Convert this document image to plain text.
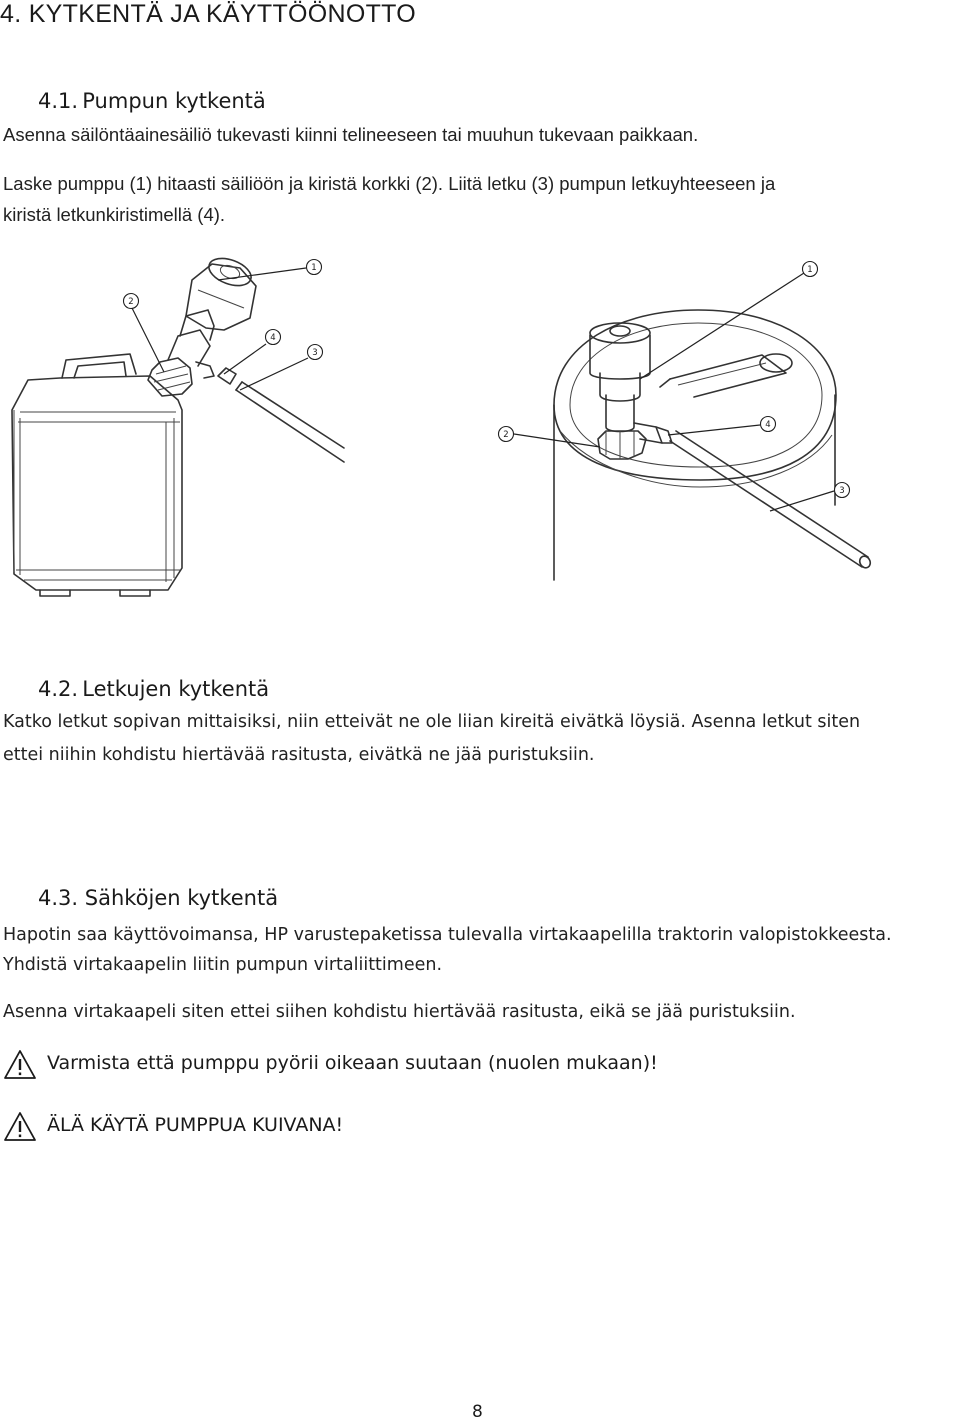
4. KYTKENTÄ JA KÄYTTÖÖNOTTO
4.1. Pumpun kytkentä
Asenna säilöntäainesäiliö tukevasti kiinni telineeseen tai muuhun tukevaan paikkaan.
Laske pumppu (1) hitaasti säiliöön ja kiristä korkki (2). Liitä letku (3) pumpun letkuyhteeseen ja
kiristä letkunkiristimellä (4).
1
2
3
4
1
2
3
4
4.2. Letkujen kytkentä
Katko letkut sopivan mittaisiksi, niin etteivät ne ole liian kireitä eivätkä löysiä. Asenna letkut siten
ettei niihin kohdistu hiertävää rasitusta, eivätkä ne jää puristuksiin.
4.3. Sähköjen kytkentä
Hapotin saa käyttövoimansa, HP varustepaketissa tulevalla virtakaapelilla traktorin valopistokkeesta.
Yhdistä virtakaapelin liitin pumpun virtaliittimeen.
Asenna virtakaapeli siten ettei siihen kohdistu hiertävää rasitusta, eikä se jää puristuksiin.
Varmista että pumppu pyörii oikeaan suutaan (nuolen mukaan)!
ÄLÄ KÄYTÄ PUMPPUA KUIVANA!
8
